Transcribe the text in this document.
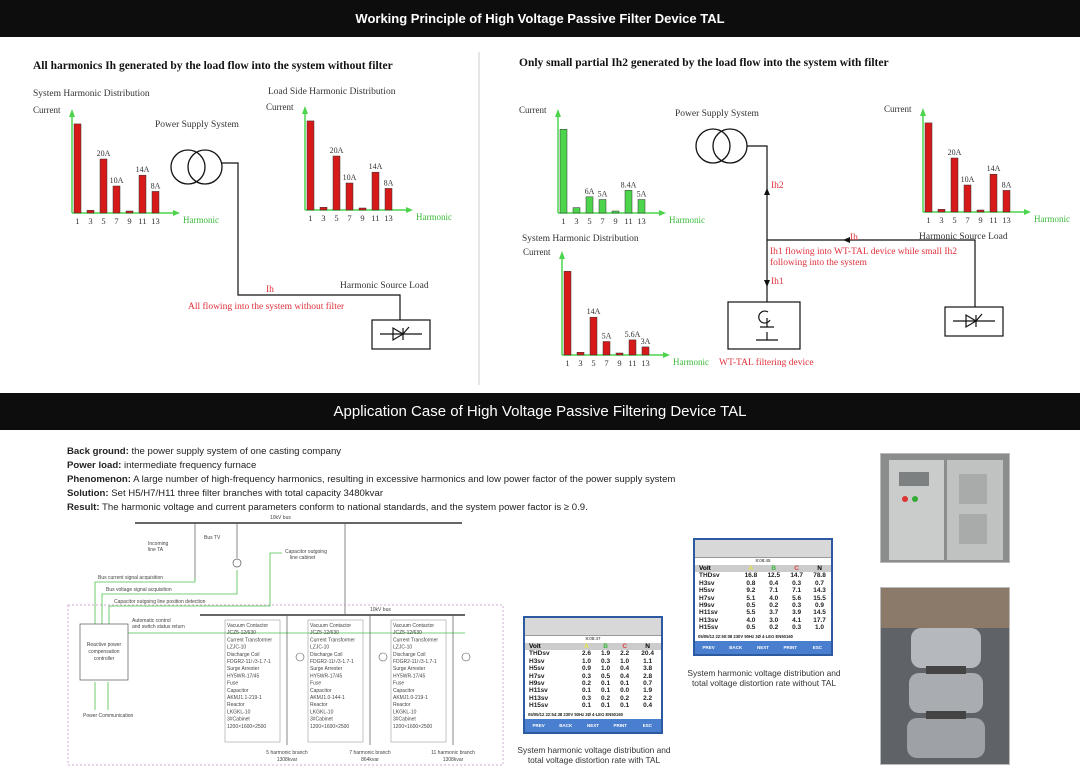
Working Principle of High Voltage Passive Filter Device TAL
All harmonics Ih generated by the load flow into the system without filter
System Harmonic Distribution	Load Side Harmonic Distribution
Power Supply System
Harmonic Source Load
Ih
All flowing into the system without filter
Only small partial Ih2 generated by the load flow into the system with filter
Power Supply System
System Harmonic Distribution
Ih2
Ih
Ih1
Harmonic Source Load
Ih1 flowing into WT-TAL device while small Ih2
following into the system
WT-TAL filtering device
Current
Harmonic
1 3 5
20A
7
10A
9 11
14A
13
8A
Current
Harmonic
1 3 5
20A
7
10A
9 11
14A
13
8A
Current
Harmonic
1 3 5
6A
7
5A
9 11
8.4A
13
5A
Current
Harmonic
1 3 5
14A
7
5A
9 11
5.6A
13
3A
Current
Harmonic
1 3 5
20A
7
10A
9 11
14A
13
8A
Application Case of High Voltage Passive Filtering Device TAL
Back ground: the power supply system of one casting company
Power load: intermediate frequency furnace
Phenomenon: A large number of high-frequency harmonics, resulting in excessive harmonics and low power factor of the power supply system
Solution: Set H5/H7/H11 three filter branches with total capacity 3480kvar
Result: The harmonic voltage and current parameters conform to national standards, and the system power factor is ≥ 0.9.
10kV bus
Incoming
line TA
Bus TV
Capacitor outgoing
line cabinet
Bus current signal acquisition
Bus voltage signal acquisition
Capacitor outgoing line position detection
10kV bus
Automatic control
and switch status return
Reactive power
compensation
controller
Power Communication
Vacuum Contactor
JCZ5-12/630
Current Transformer
LZJC-10
Discharge Coil
FDGR2-11/√3-1.7-1
Surge Arrester
HY5WR-17/45
Fuse
Capacitor
AKMJ1.1-219-1
Reactor
LKGKL-10
3#Cabinet
1200×1600×2500
5 harmonic branch
1308kvar
Vacuum Contactor
JCZ5-12/630
Current Transformer
LZJC-10
Discharge Coil
FDGR2-11/√3-1.7-1
Surge Arrester
HY5WR-17/45
Fuse
Capacitor
AKMJ1.0-144-1
Reactor
LKGKL-10
3#Cabinet
1200×1600×2500
7 harmonic branch
864kvar
Vacuum Contactor
JCZ5-12/630
Current Transformer
LZJC-10
Discharge Coil
FDGR2-11/√3-1.7-1
Surge Arrester
HY5WR-17/45
Fuse
Capacitor
AKMJ1.0-219-1
Reactor
LKGKL-10
3#Cabinet
1200×1600×2500
11 harmonic branch
1308kvar
8:08:47
Volt	A	B	C	N
THDsv	2.6	1.9	2.2	20.4
H3sv	1.0	0.3	1.0	1.1
H5sv	0.9	1.0	0.4	3.8
H7sv	0.3	0.5	0.4	2.8
H9sv	0.2	0.1	0.1	0.7
H11sv	0.1	0.1	0.0	1.9
H13sv	0.3	0.2	0.2	2.2
H15sv	0.1	0.1	0.1	0.4
05/05/12 22:54:38 230V 50Hz 3Ø 4-LEG EN50160
PREV	BACK	NEXT	PRINT	ESC
System harmonic voltage distribution and
total voltage distortion rate with TAL
8:08:45
Volt	A	B	C	N
THDsv	16.8	12.5	14.7	78.8
H3sv	0.8	0.4	0.3	0.7
H5sv	9.2	7.1	7.1	14.3
H7sv	5.1	4.0	5.6	15.5
H9sv	0.5	0.2	0.3	0.9
H11sv	5.5	3.7	3.9	14.5
H13sv	4.0	3.0	4.1	17.7
H15sv	0.5	0.2	0.3	1.0
05/05/12 22:50:08 230V 50Hz 3Ø 4-LEG EN50160
PREV	BACK	NEXT	PRINT	ESC
System harmonic voltage distribution and
total voltage distortion rate without TAL
